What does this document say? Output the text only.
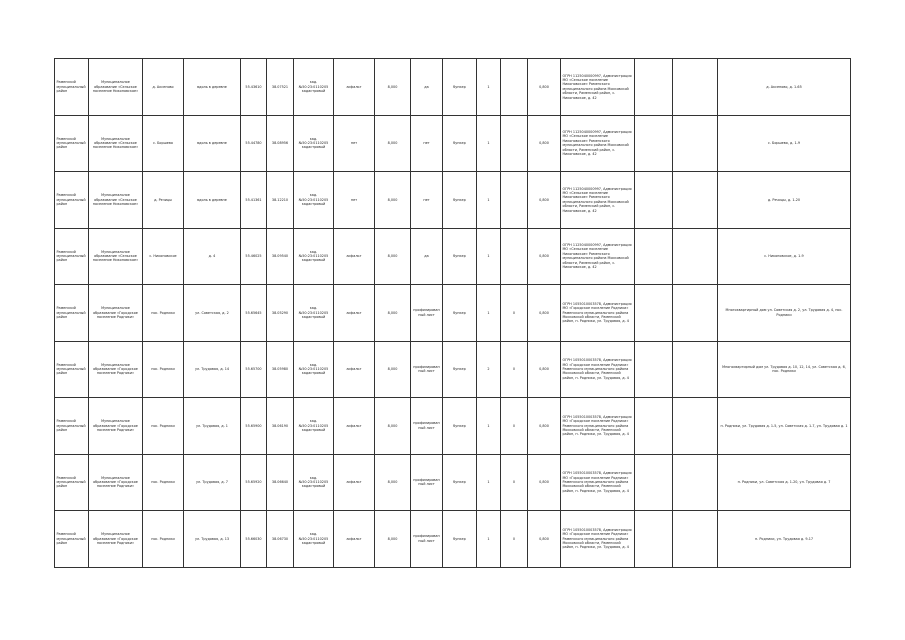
Раменский муниципальный район	Муниципальное образование «Сельское поселение Никоновское»	д. Аксеново	вдоль в деревне	55.43610	38.07521	кад.№50:23:0110205 кадастровый	асфальт	8,000	да	бункер	1		0,800	ОГРН 1125040000997, Администрация МО «Сельское поселение Никоновское» Раменского муниципального района Московской области, Раменский район, с. Никоновское, д. 42			д. Аксеново, д. 1-65
Раменский муниципальный район	Муниципальное образование «Сельское поселение Никоновское»	с. Боршево	вдоль в деревне	55.44780	38.08956	кад.№50:23:0110205 кадастровый	нет	8,000	нет	бункер	1		0,800	ОГРН 1125040000997, Администрация МО «Сельское поселение Никоновское» Раменского муниципального района Московской области, Раменский район, с. Никоновское, д. 42			с. Боршево, д. 1-9
Раменский муниципальный район	Муниципальное образование «Сельское поселение Никоновское»	д. Речицы	вдоль в деревне	55.41361	38.12210	кад.№50:23:0110205 кадастровый	нет	8,000	нет	бункер	1		0,800	ОГРН 1125040000997, Администрация МО «Сельское поселение Никоновское» Раменского муниципального района Московской области, Раменский район, с. Никоновское, д. 42			д. Речицы, д. 1-20
Раменский муниципальный район	Муниципальное образование «Сельское поселение Никоновское»	с. Никоновское	д. 4	55.46025	38.09540	кад.№50:23:0110205 кадастровый	асфальт	8,000	да	бункер	1		0,800	ОГРН 1125040000997, Администрация МО «Сельское поселение Никоновское» Раменского муниципального района Московской области, Раменский район, с. Никоновское, д. 42			с. Никоновское, д. 1-9
Раменский муниципальный район	Муниципальное образование «Городское поселение Родники»	пос. Родники	ул. Советская, д. 2	55.65645	38.05290	кад.№50:23:0110205 кадастровый	асфальт	8,000	профилированный лист	бункер	1	0	0,800	ОГРН 1055010003578, Администрация МО «Городское поселение Родники» Раменского муниципального района Московской области, Раменский район, п. Родники, ул. Трудовая, д. 4			Многоквартирный дом ул. Советская д. 2, ул. Трудовая д. 4, пос. Родники
Раменский муниципальный район	Муниципальное образование «Городское поселение Родники»	пос. Родники	ул. Трудовая, д. 14	55.65700	38.05980	кад.№50:23:0110205 кадастровый	асфальт	8,000	профилированный лист	бункер	2	0	0,800	ОГРН 1055010003578, Администрация МО «Городское поселение Родники» Раменского муниципального района Московской области, Раменский район, п. Родники, ул. Трудовая, д. 4			Многоквартирный дом ул. Трудовая д. 10, 12, 14, ул. Советская д. 6, пос. Родники
Раменский муниципальный район	Муниципальное образование «Городское поселение Родники»	пос. Родники	ул. Трудовая, д. 1	55.65900	38.06190	кад.№50:23:0110205 кадастровый	асфальт	8,000	профилированный лист	бункер	1	0	0,800	ОГРН 1055010003578, Администрация МО «Городское поселение Родники» Раменского муниципального района Московской области, Раменский район, п. Родники, ул. Трудовая, д. 4			п. Родники, ул. Трудовая д. 1-5, ул. Советская д. 1-7, ул. Трудовая д. 1
Раменский муниципальный район	Муниципальное образование «Городское поселение Родники»	пос. Родники	ул. Трудовая, д. 7	55.65920	38.06640	кад.№50:23:0110205 кадастровый	асфальт	8,000	профилированный лист	бункер	1	0	0,800	ОГРН 1055010003578, Администрация МО «Городское поселение Родники» Раменского муниципального района Московской области, Раменский район, п. Родники, ул. Трудовая, д. 4			п. Родники, ул. Советская д. 1-20, ул. Трудовая д. 7
Раменский муниципальный район	Муниципальное образование «Городское поселение Родники»	пос. Родники	ул. Трудовая, д. 13	55.66030	38.06730	кад.№50:23:0110205 кадастровый	асфальт	8,000	профилированный лист	бункер	1	0	0,800	ОГРН 1055010003578, Администрация МО «Городское поселение Родники» Раменского муниципального района Московской области, Раменский район, п. Родники, ул. Трудовая, д. 4			п. Родники, ул. Трудовая д. 9-17
